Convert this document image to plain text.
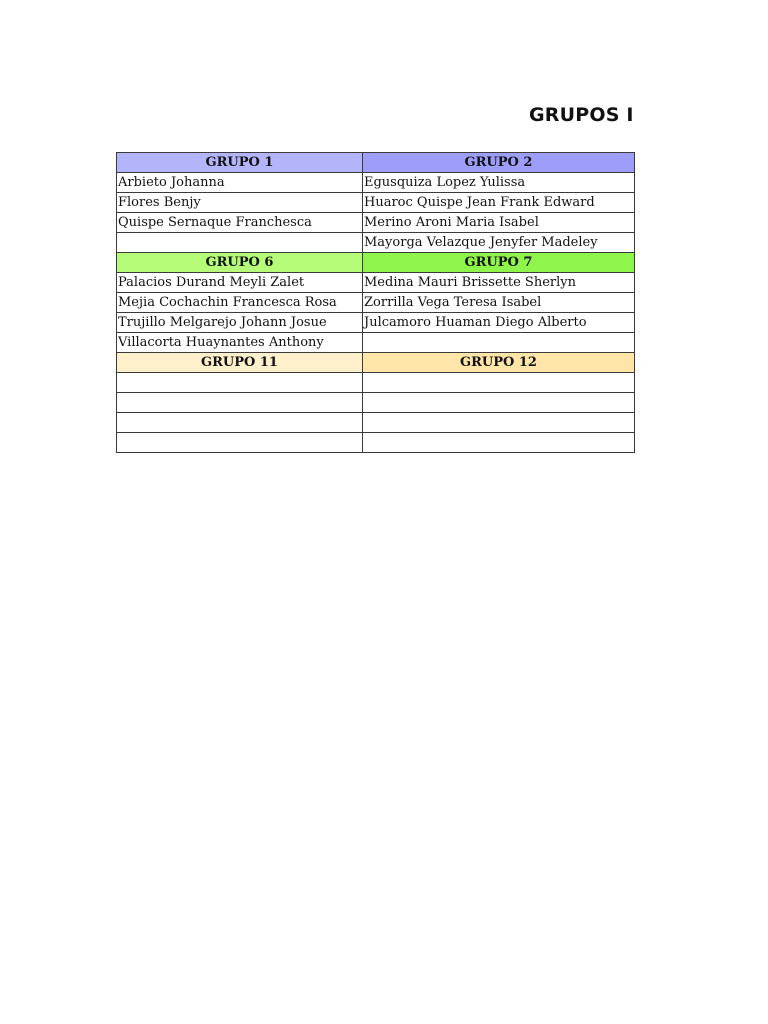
GRUPOS I
GRUPO 1	GRUPO 2
Arbieto Johanna	Egusquiza Lopez Yulissa
Flores Benjy	Huaroc Quispe Jean Frank Edward
Quispe Sernaque Franchesca	Merino Aroni Maria Isabel
	Mayorga Velazque Jenyfer Madeley
GRUPO 6	GRUPO 7
Palacios Durand Meyli Zalet	Medina Mauri Brissette Sherlyn
Mejia Cochachin Francesca Rosa	Zorrilla Vega Teresa Isabel
Trujillo Melgarejo Johann Josue	Julcamoro Huaman Diego Alberto
Villacorta Huaynantes Anthony	
GRUPO 11	GRUPO 12
